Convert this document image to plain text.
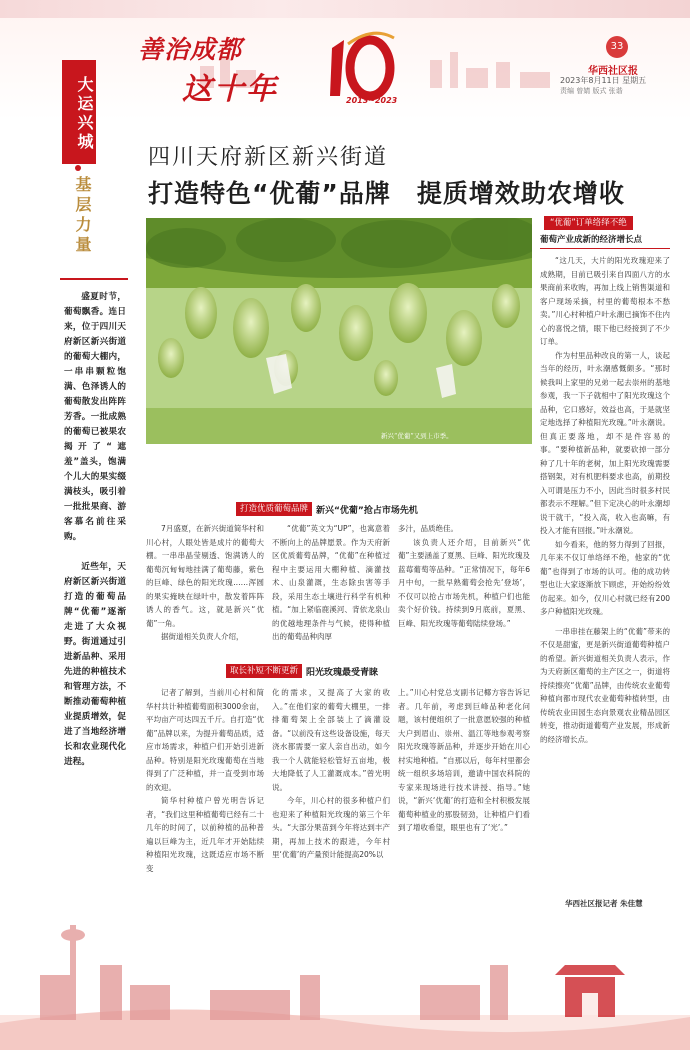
善治成都
这十年	2013~2023
33
华西社区报
2023年8月11日 星期五
责编 曾婧 版式 张谐
大运兴城
基层力量
四川天府新区新兴街道
打造特色“优葡”品牌　提质增效助农增收
新兴“优葡”又到上市季。

盛夏时节，葡萄飘香。连日来，位于四川天府新区新兴街道的葡萄大棚内，一串串颗粒饱满、色泽诱人的葡萄散发出阵阵芳香。一批成熟的葡萄已被果农揭开了“遮羞”盖头，饱满个儿大的果实缀满枝头，吸引着一批批果商、游客慕名前往采购。

近些年，天府新区新兴街道打造的葡萄品牌“优葡”逐渐走进了大众视野。街道通过引进新品种、采用先进的种植技术和管理方法，不断推动葡萄种植业提质增效，促进了当地经济增长和农业现代化进程。

打造优质葡萄品牌 新兴“优葡”抢占市场先机

7月盛夏，在新兴街道简华村和川心村，人眼处皆是成片的葡萄大棚。一串串晶莹剔透、饱满诱人的葡萄沉甸甸地挂满了葡萄藤，紫色的巨峰、绿色的阳光玫瑰……浑圆的果实掩映在绿叶中，散发着阵阵诱人的香气。这，就是新兴“优葡”一角。

据街道相关负责人介绍，

“优葡”英文为“UP”，也寓意着不断向上的品牌愿景。作为天府新区优质葡萄品牌，“优葡”在种植过程中主要运用大棚种植、滴灌技术、山泉灌溉，生态除虫害等手段，采用生态土壤进行科学有机种植。“加上紧临鹿溪河、背依龙泉山的优越地理条件与气候，使得种植出的葡萄品种肉厚

多汁，品质绝佳。

该负责人还介绍，目前新兴“优葡”主要涵盖了夏黑、巨峰、阳光玫瑰及蓝莓葡萄等品种。“正常情况下，每年6月中旬，一批早熟葡萄会抢先‘登场’，不仅可以抢占市场先机，种植户们也能卖个好价钱。持续到9月底前，夏黑、巨峰、阳光玫瑰等葡萄陆续登场。”

取长补短不断更新 阳光玫瑰最受青睐

记者了解到，当前川心村和简华村共计种植葡萄面积3000余亩，平均亩产可达四五千斤。自打造“优葡”品牌以来，为提升葡萄品质，适应市场需求，种植户们开始引进新品种。特别是阳光玫瑰葡萄在当地得到了广泛种植，并一直受到市场的欢迎。

简华村种植户曾光明告诉记者，“我们这里种植葡萄已经有二十几年的时间了，以前种植的品种普遍以巨峰为主，近几年才开始陆续种植阳光玫瑰，这既适应市场不断变

化的需求，又提高了大家的收入。”在他们家的葡萄大棚里，一排排葡萄架上全部装上了滴灌设备。“以前没有这些设备设施，每天浇水都需要一家人亲自出动，如今我一个人就能轻松管好五亩地，极大地降低了人工灌溉成本。”曾光明说。

今年，川心村的很多种植户们也迎来了种植阳光玫瑰的第三个年头。“大部分果苗到今年将达到丰产期，再加上技术的跟进，今年村里‘优葡’的产量预计能提高20%以

上。”川心村党总支副书记椰方容告诉记者。几年前，考虑到巨峰品种老化问题，该村便组织了一批意愿较强的种植大户到眉山、崇州、温江等地参观考察阳光玫瑰等新品种，并逐步开始在川心村实地种植。“自那以后，每年村里都会统一组织多场培训，邀请中国农科院的专家来现场进行技术讲授、指导。”她说，“新兴‘优葡’的打造和全村积极发展葡萄种植业的那股韧劲，让种植户们看到了增收希望，眼里也有了‘光’。”

“优葡”订单络绎不绝
葡萄产业成新的经济增长点

“这几天，大片的阳光玫瑰迎来了成熟期，目前已吸引来自四面八方的水果商前来收购，再加上线上销售渠道和客户现场采摘，村里的葡萄根本不愁卖。”川心村种植户叶永潮已摘饰不住内心的喜悦之情，眼下他已经接到了不少订单。

作为村里品种改良的第一人，谈起当年的经历，叶永潮感慨颇多。“那时候我叫上家里的兄弟一起去崇州的基地参观，我一下子就相中了阳光玫瑰这个品种，它口感好，效益也高，于是就坚定地选择了种植阳光玫瑰。”叶永潮说。但真正要落地，却不是件容易的事。“要种植新品种，就要砍掉一部分种了几十年的老树，加上阳光玫瑰需要搭钢架，对有机肥料要求也高，前期投入可谓是压力不小，因此当时很多村民都表示不理解。”但下定决心的叶永潮却说干就干，“投入高，收入也高嘛，有投入才能有回报。”叶永潮说。

如今看来，他的努力得到了回报，几年来不仅订单络绎不绝，他家的“优葡”也得到了市场的认可。他的成功转型也让大家逐渐放下顾虑，开始纷纷效仿起来。如今，仅川心村就已经有200多户种植阳光玫瑰。

一串串挂在藤架上的“优葡”带来的不仅是甜蜜，更是新兴街道葡萄种植户的希望。新兴街道相关负责人表示，作为天府新区葡萄的主产区之一，街道将持续擦亮“优葡”品牌，由传统农业葡萄种植向都市现代农业葡萄种植转型，由传统农业田园生态向景观农业精品园区转变，推动街道葡萄产业发展，形成新的经济增长点。

华西社区报记者 朱佳慧
